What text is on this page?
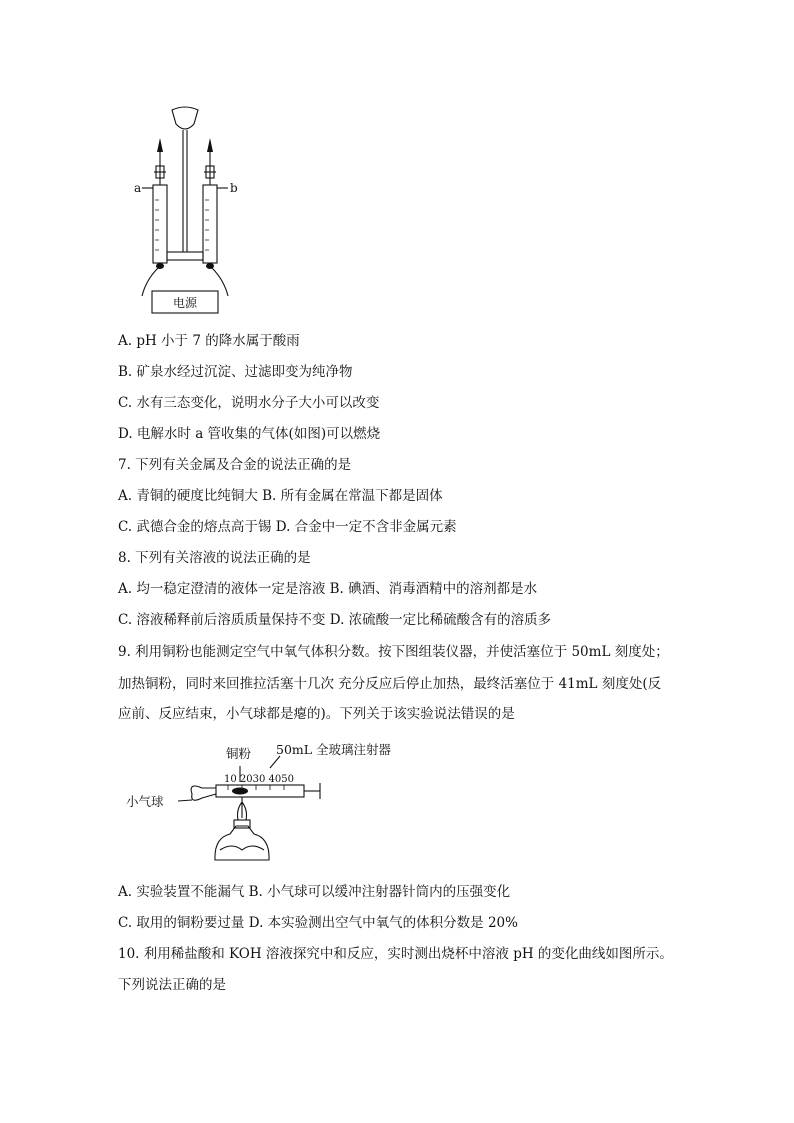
a	b
电源
A. pH 小于 7 的降水属于酸雨
B. 矿泉水经过沉淀、过滤即变为纯净物
C. 水有三态变化，说明水分子大小可以改变
D. 电解水时 a 管收集的气体(如图)可以燃烧
7. 下列有关金属及合金的说法正确的是
A. 青铜的硬度比纯铜大 B. 所有金属在常温下都是固体
C. 武德合金的熔点高于锡 D. 合金中一定不含非金属元素
8. 下列有关溶液的说法正确的是
A. 均一稳定澄清的液体一定是溶液 B. 碘酒、消毒酒精中的溶剂都是水
C. 溶液稀释前后溶质质量保持不变 D. 浓硫酸一定比稀硫酸含有的溶质多
9. 利用铜粉也能测定空气中氧气体积分数。按下图组装仪器，并使活塞位于 50mL 刻度处；
加热铜粉，同时来回推拉活塞十几次 充分反应后停止加热，最终活塞位于 41mL 刻度处(反
应前、反应结束，小气球都是瘪的)。下列关于该实验说法错误的是
铜粉 50mL 全玻璃注射器
10 2030 4050
小气球
A. 实验装置不能漏气 B. 小气球可以缓冲注射器针筒内的压强变化
C. 取用的铜粉要过量 D. 本实验测出空气中氧气的体积分数是 20%
10. 利用稀盐酸和 KOH 溶液探究中和反应，实时测出烧杯中溶液 pH 的变化曲线如图所示。
下列说法正确的是
